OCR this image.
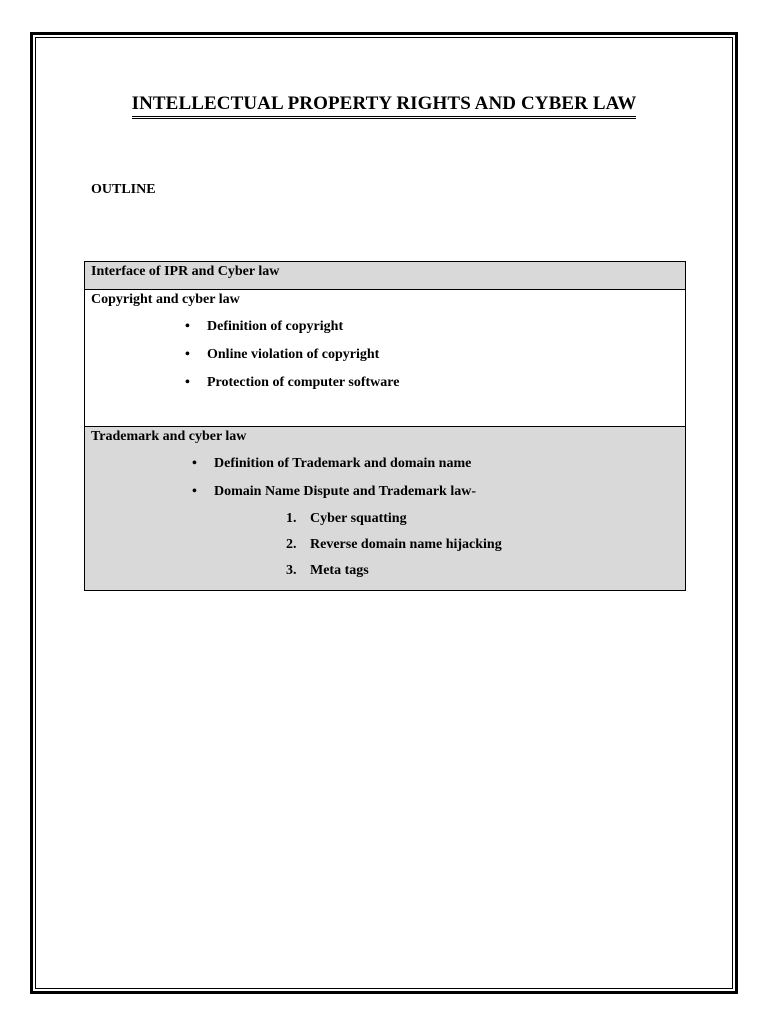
INTELLECTUAL PROPERTY RIGHTS AND CYBER LAW
OUTLINE
Interface of IPR and Cyber law
Copyright and cyber law
• Definition of copyright
• Online violation of copyright
• Protection of computer software
Trademark and cyber law
• Definition of Trademark and domain name
• Domain Name Dispute and Trademark law-
1. Cyber squatting
2. Reverse domain name hijacking
3. Meta tags
